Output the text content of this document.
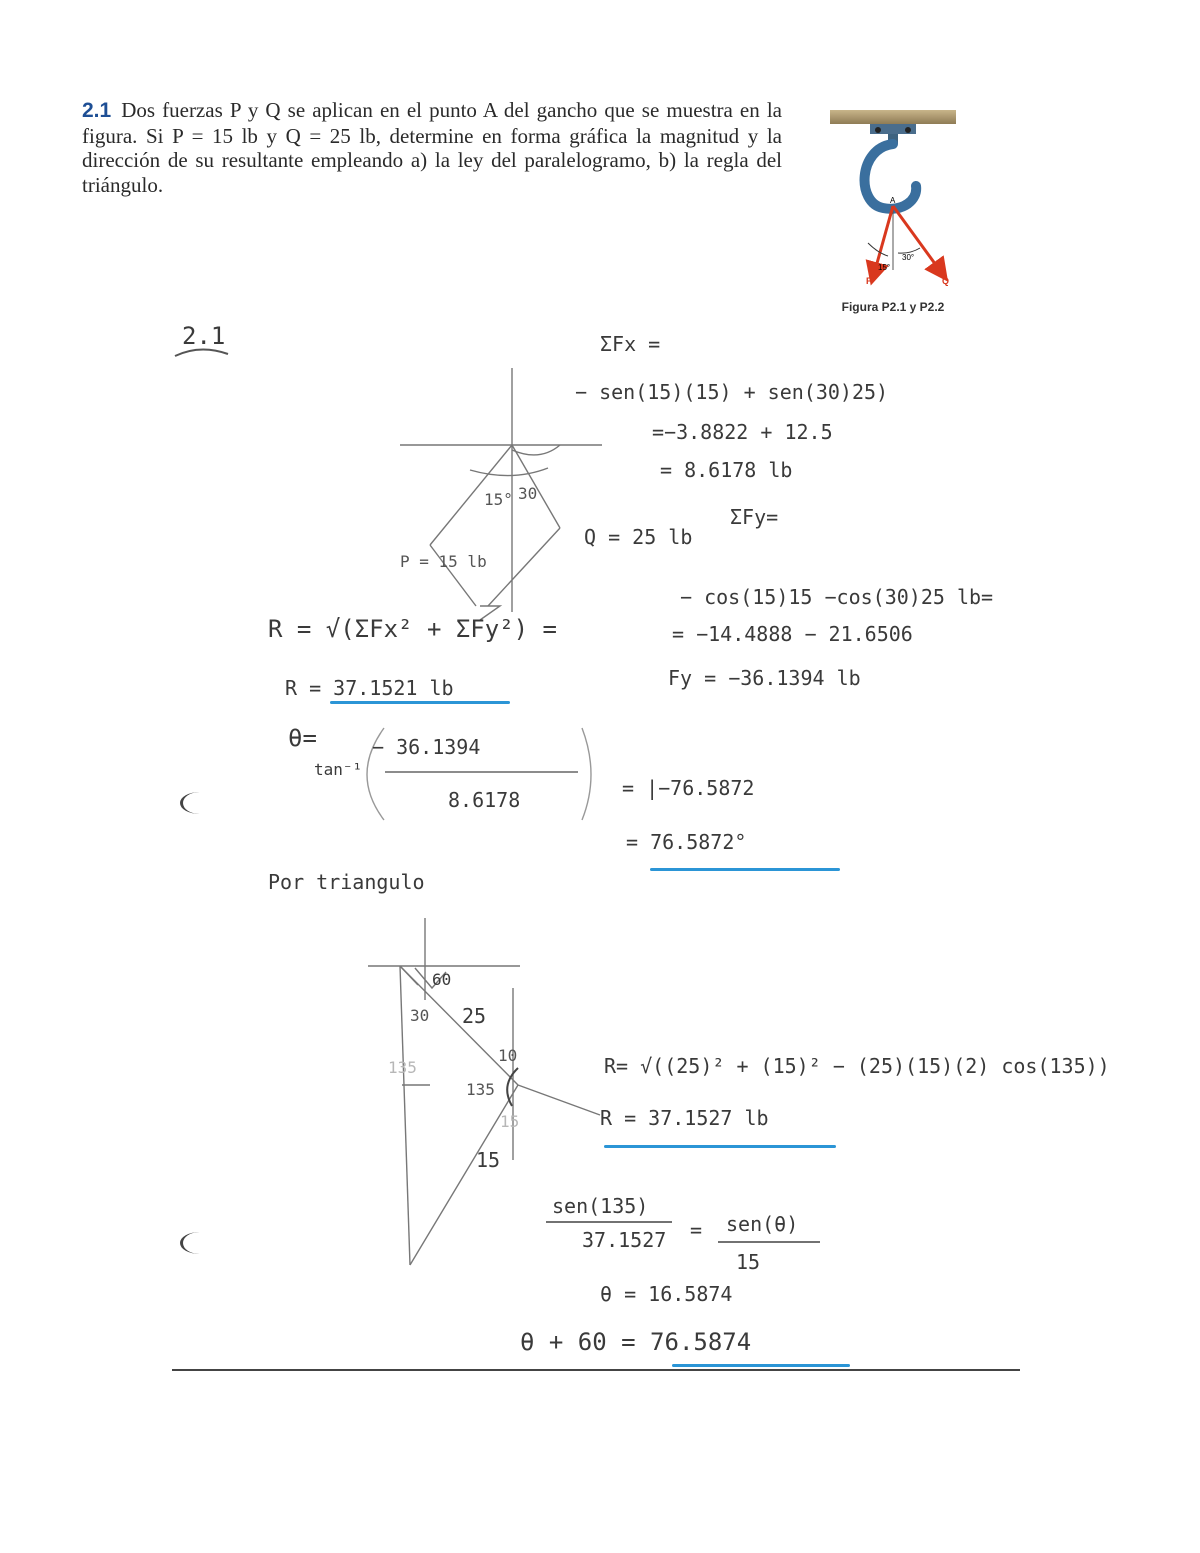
2.1 Dos fuerzas P y Q se aplican en el punto A del gancho que se muestra en la figura. Si P = 15 lb y Q = 25 lb, determine en forma gráfica la magnitud y la dirección de su resultante empleando a) la ley del paralelogramo, b) la regla del triángulo.
A
15°
30°
P	Q
Figura P2.1 y P2.2
2.1	ΣFx =
− sen(15)(15) + sen(30)25)
=−3.8822 + 12.5
= 8.6178 lb
15° 30
P = 15 lb
Q = 25 lb
ΣFy=
− cos(15)15 −cos(30)25 lb=
= −14.4888 − 21.6506
Fy = −36.1394 lb
R = √(ΣFx² + ΣFy²) =
R = 37.1521 lb
θ=
tan⁻¹
− 36.1394
8.6178	= |−76.5872
= 76.5872°
Por triangulo
60
30 25
135
135
10
15
15
R= √((25)² + (15)² − (25)(15)(2) cos(135))
R = 37.1527 lb
sen(135)
37.1527 = sen(θ)
15
θ = 16.5874
θ + 60 = 76.5874
